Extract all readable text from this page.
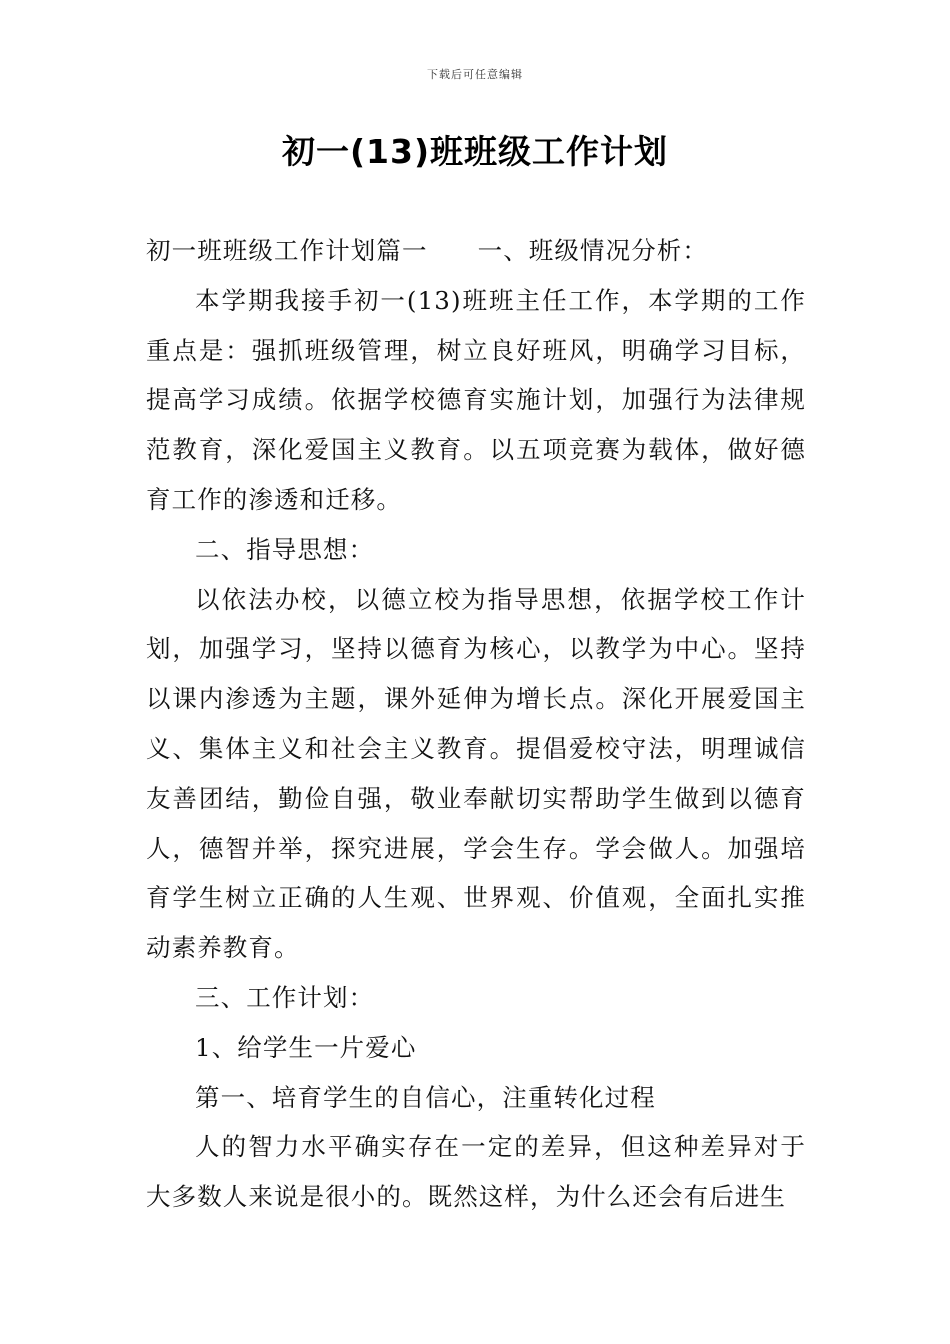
下载后可任意编辑
初一(13)班班级工作计划

初一班班级工作计划篇一 一、班级情况分析：

本学期我接手初一(13)班班主任工作，本学期的工作重点是：强抓班级管理，树立良好班风，明确学习目标，提高学习成绩。依据学校德育实施计划，加强行为法律规范教育，深化爱国主义教育。以五项竞赛为载体，做好德育工作的渗透和迁移。

二、指导思想：

以依法办校，以德立校为指导思想，依据学校工作计划，加强学习，坚持以德育为核心，以教学为中心。坚持以课内渗透为主题，课外延伸为增长点。深化开展爱国主义、集体主义和社会主义教育。提倡爱校守法，明理诚信友善团结，勤俭自强，敬业奉献切实帮助学生做到以德育人，德智并举，探究进展，学会生存。学会做人。加强培育学生树立正确的人生观、世界观、价值观，全面扎实推动素养教育。

三、工作计划：

1、给学生一片爱心

第一、培育学生的自信心，注重转化过程

人的智力水平确实存在一定的差异，但这种差异对于大多数人来说是很小的。既然这样，为什么还会有后进生
